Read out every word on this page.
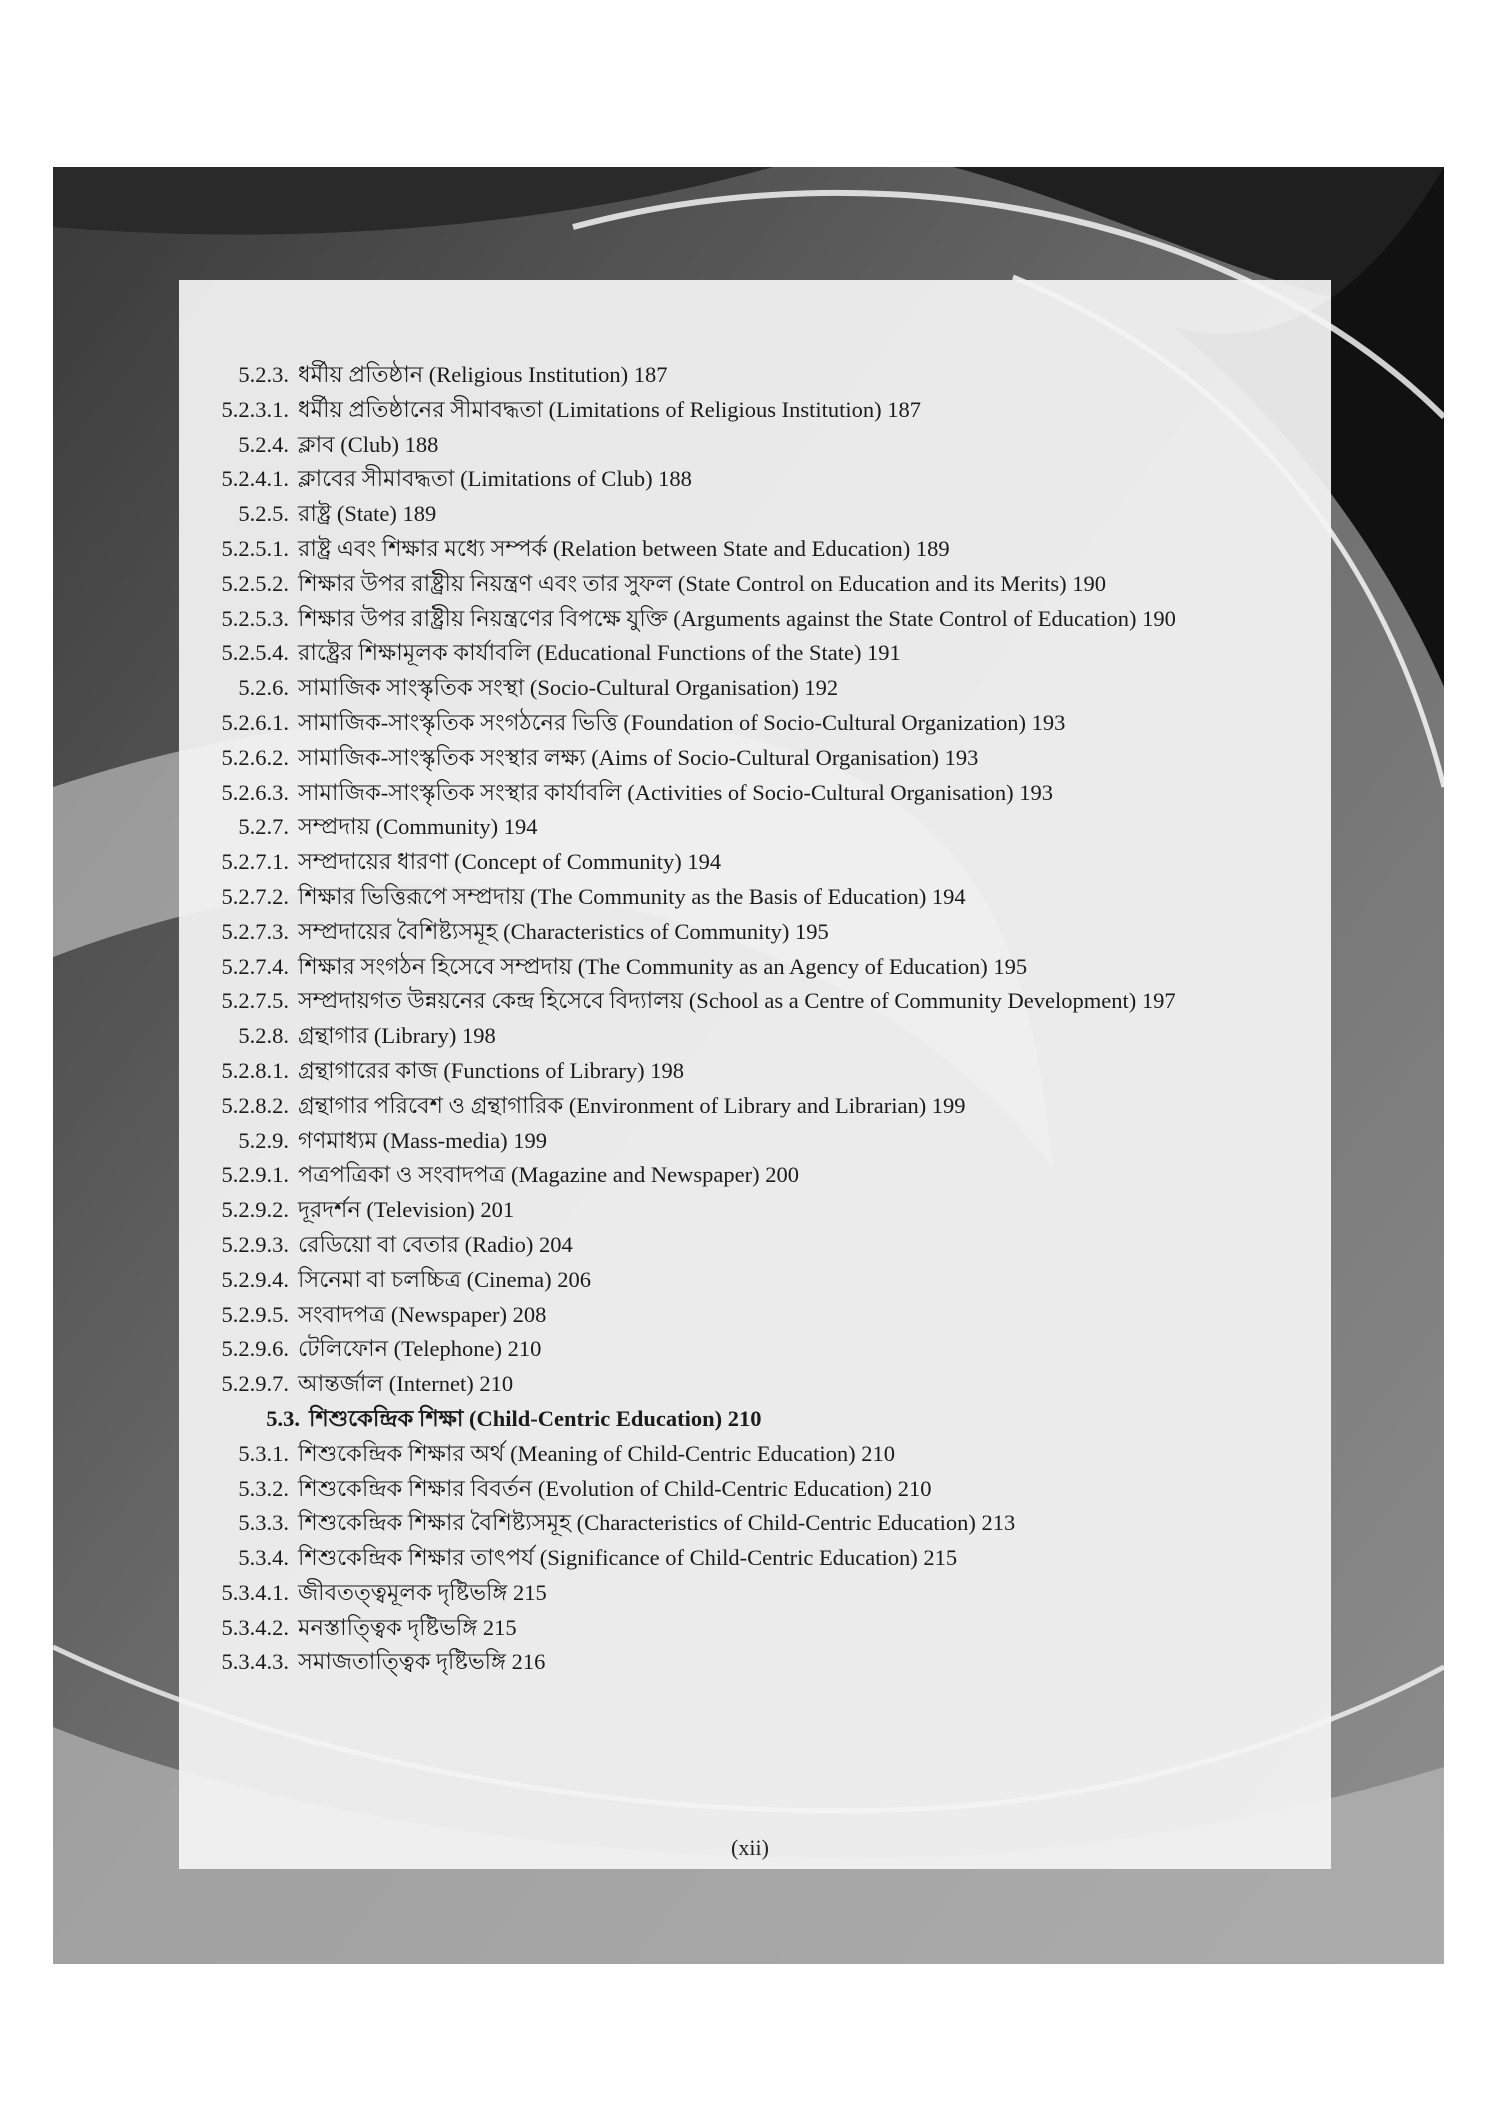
5.2.3. ধর্মীয় প্রতিষ্ঠান (Religious Institution) 187
5.2.3.1. ধর্মীয় প্রতিষ্ঠানের সীমাবদ্ধতা (Limitations of Religious Institution) 187
5.2.4. ক্লাব (Club) 188
5.2.4.1. ক্লাবের সীমাবদ্ধতা (Limitations of Club) 188
5.2.5. রাষ্ট্র (State) 189
5.2.5.1. রাষ্ট্র এবং শিক্ষার মধ্যে সম্পর্ক (Relation between State and Education) 189
5.2.5.2. শিক্ষার উপর রাষ্ট্রীয় নিয়ন্ত্রণ এবং তার সুফল (State Control on Education and its Merits) 190
5.2.5.3. শিক্ষার উপর রাষ্ট্রীয় নিয়ন্ত্রণের বিপক্ষে যুক্তি (Arguments against the State Control of Education) 190
5.2.5.4. রাষ্ট্রের শিক্ষামূলক কার্যাবলি (Educational Functions of the State) 191
5.2.6. সামাজিক সাংস্কৃতিক সংস্থা (Socio-Cultural Organisation) 192
5.2.6.1. সামাজিক-সাংস্কৃতিক সংগঠনের ভিত্তি (Foundation of Socio-Cultural Organization) 193
5.2.6.2. সামাজিক-সাংস্কৃতিক সংস্থার লক্ষ্য (Aims of Socio-Cultural Organisation) 193
5.2.6.3. সামাজিক-সাংস্কৃতিক সংস্থার কার্যাবলি (Activities of Socio-Cultural Organisation) 193
5.2.7. সম্প্রদায় (Community) 194
5.2.7.1. সম্প্রদায়ের ধারণা (Concept of Community) 194
5.2.7.2. শিক্ষার ভিত্তিরূপে সম্প্রদায় (The Community as the Basis of Education) 194
5.2.7.3. সম্প্রদায়ের বৈশিষ্ট্যসমূহ (Characteristics of Community) 195
5.2.7.4. শিক্ষার সংগঠন হিসেবে সম্প্রদায় (The Community as an Agency of Education) 195
5.2.7.5. সম্প্রদায়গত উন্নয়নের কেন্দ্র হিসেবে বিদ্যালয় (School as a Centre of Community Development) 197
5.2.8. গ্রন্থাগার (Library) 198
5.2.8.1. গ্রন্থাগারের কাজ (Functions of Library) 198
5.2.8.2. গ্রন্থাগার পরিবেশ ও গ্রন্থাগারিক (Environment of Library and Librarian) 199
5.2.9. গণমাধ্যম (Mass-media) 199
5.2.9.1. পত্রপত্রিকা ও সংবাদপত্র (Magazine and Newspaper) 200
5.2.9.2. দূরদর্শন (Television) 201
5.2.9.3. রেডিয়ো বা বেতার (Radio) 204
5.2.9.4. সিনেমা বা চলচ্চিত্র (Cinema) 206
5.2.9.5. সংবাদপত্র (Newspaper) 208
5.2.9.6. টেলিফোন (Telephone) 210
5.2.9.7. আন্তর্জাল (Internet) 210
5.3. শিশুকেন্দ্রিক শিক্ষা (Child-Centric Education) 210
5.3.1. শিশুকেন্দ্রিক শিক্ষার অর্থ (Meaning of Child-Centric Education) 210
5.3.2. শিশুকেন্দ্রিক শিক্ষার বিবর্তন (Evolution of Child-Centric Education) 210
5.3.3. শিশুকেন্দ্রিক শিক্ষার বৈশিষ্ট্যসমূহ (Characteristics of Child-Centric Education) 213
5.3.4. শিশুকেন্দ্রিক শিক্ষার তাৎপর্য (Significance of Child-Centric Education) 215
5.3.4.1. জীবতত্ত্বমূলক দৃষ্টিভঙ্গি 215
5.3.4.2. মনস্তাত্ত্বিক দৃষ্টিভঙ্গি 215
5.3.4.3. সমাজতাত্ত্বিক দৃষ্টিভঙ্গি 216
(xii)
